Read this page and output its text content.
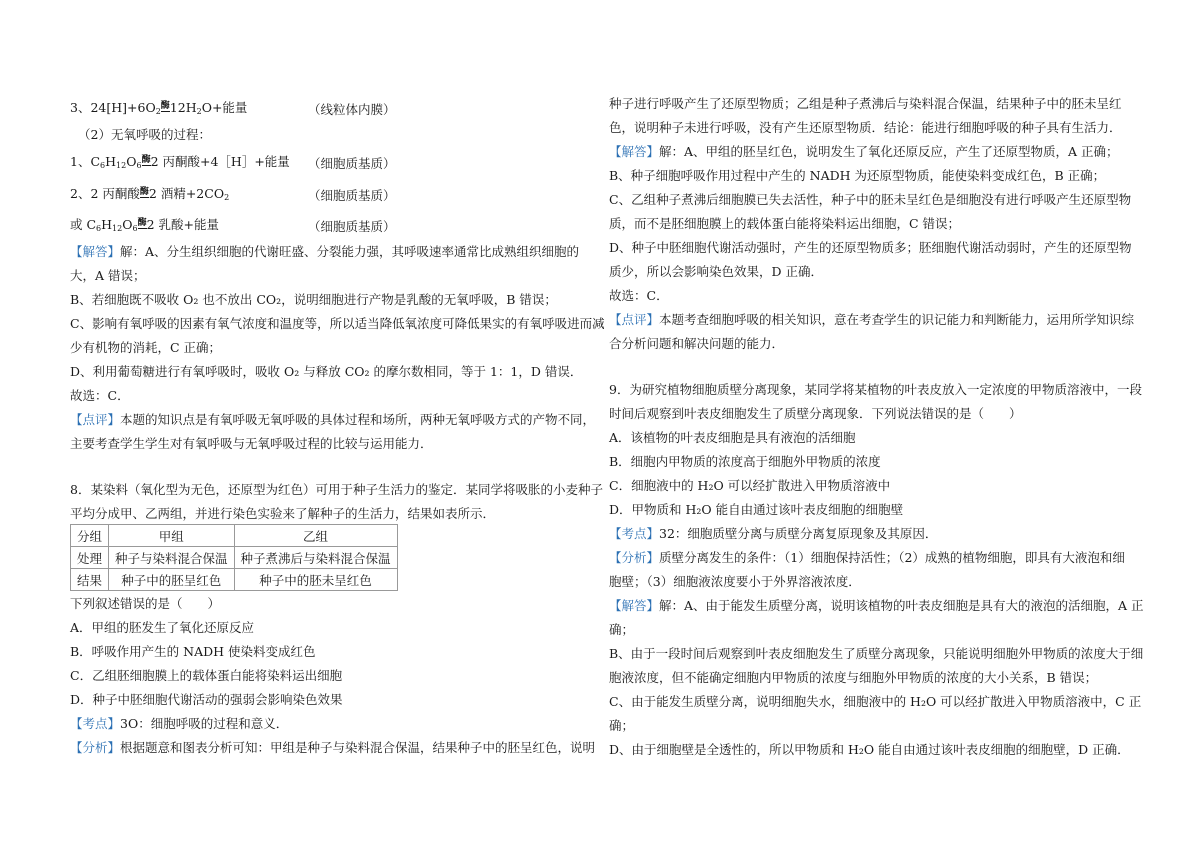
3、$24[H]+6O_2$酶$12H_2O+$能量	（线粒体内膜）
（2）无氧呼吸的过程：
1、$C_6H_{12}O_6$酶2 丙酮酸+4［H］+能量 （细胞质基质）
2、2 丙酮酸酶2 酒精$+2CO_2$	（细胞质基质）
或 $C_6H_{12}O_6$酶2 乳酸+能量	（细胞质基质）
【解答】解：A、分生组织细胞的代谢旺盛、分裂能力强，其呼吸速率通常比成熟组织细胞的
大，A 错误；
B、若细胞既不吸收 O₂ 也不放出 CO₂，说明细胞进行产物是乳酸的无氧呼吸，B 错误；
C、影响有氧呼吸的因素有氧气浓度和温度等，所以适当降低氧浓度可降低果实的有氧呼吸进而减
少有机物的消耗，C 正确；
D、利用葡萄糖进行有氧呼吸时，吸收 O₂ 与释放 CO₂ 的摩尔数相同，等于 1：1，D 错误．
故选：C．
【点评】本题的知识点是有氧呼吸无氧呼吸的具体过程和场所，两种无氧呼吸方式的产物不同，
主要考查学生学生对有氧呼吸与无氧呼吸过程的比较与运用能力．
8．某染料（氧化型为无色，还原型为红色）可用于种子生活力的鉴定．某同学将吸胀的小麦种子
平均分成甲、乙两组，并进行染色实验来了解种子的生活力，结果如表所示．
分组	甲组	乙组
处理	种子与染料混合保温	种子煮沸后与染料混合保温
结果	种子中的胚呈红色	种子中的胚未呈红色
下列叙述错误的是（　　）
A．甲组的胚发生了氧化还原反应
B．呼吸作用产生的 NADH 使染料变成红色
C．乙组胚细胞膜上的载体蛋白能将染料运出细胞
D．种子中胚细胞代谢活动的强弱会影响染色效果
【考点】3O：细胞呼吸的过程和意义．
【分析】根据题意和图表分析可知：甲组是种子与染料混合保温，结果种子中的胚呈红色，说明
种子进行呼吸产生了还原型物质；乙组是种子煮沸后与染料混合保温，结果种子中的胚未呈红
色，说明种子未进行呼吸，没有产生还原型物质．结论：能进行细胞呼吸的种子具有生活力．
【解答】解：A、甲组的胚呈红色，说明发生了氧化还原反应，产生了还原型物质，A 正确；
B、种子细胞呼吸作用过程中产生的 NADH 为还原型物质，能使染料变成红色，B 正确；
C、乙组种子煮沸后细胞膜已失去活性，种子中的胚未呈红色是细胞没有进行呼吸产生还原型物
质，而不是胚细胞膜上的载体蛋白能将染料运出细胞，C 错误；
D、种子中胚细胞代谢活动强时，产生的还原型物质多；胚细胞代谢活动弱时，产生的还原型物
质少，所以会影响染色效果，D 正确．
故选：C．
【点评】本题考查细胞呼吸的相关知识，意在考查学生的识记能力和判断能力，运用所学知识综
合分析问题和解决问题的能力．
9．为研究植物细胞质壁分离现象，某同学将某植物的叶表皮放入一定浓度的甲物质溶液中，一段
时间后观察到叶表皮细胞发生了质壁分离现象．下列说法错误的是（　　）
A．该植物的叶表皮细胞是具有液泡的活细胞
B．细胞内甲物质的浓度高于细胞外甲物质的浓度
C．细胞液中的 H₂O 可以经扩散进入甲物质溶液中
D．甲物质和 H₂O 能自由通过该叶表皮细胞的细胞壁
【考点】32：细胞质壁分离与质壁分离复原现象及其原因．
【分析】质壁分离发生的条件：（1）细胞保持活性；（2）成熟的植物细胞，即具有大液泡和细
胞壁；（3）细胞液浓度要小于外界溶液浓度．
【解答】解：A、由于能发生质壁分离，说明该植物的叶表皮细胞是具有大的液泡的活细胞，A 正
确；
B、由于一段时间后观察到叶表皮细胞发生了质壁分离现象，只能说明细胞外甲物质的浓度大于细
胞液浓度，但不能确定细胞内甲物质的浓度与细胞外甲物质的浓度的大小关系，B 错误；
C、由于能发生质壁分离，说明细胞失水，细胞液中的 H₂O 可以经扩散进入甲物质溶液中，C 正
确；
D、由于细胞壁是全透性的，所以甲物质和 H₂O 能自由通过该叶表皮细胞的细胞壁，D 正确．
